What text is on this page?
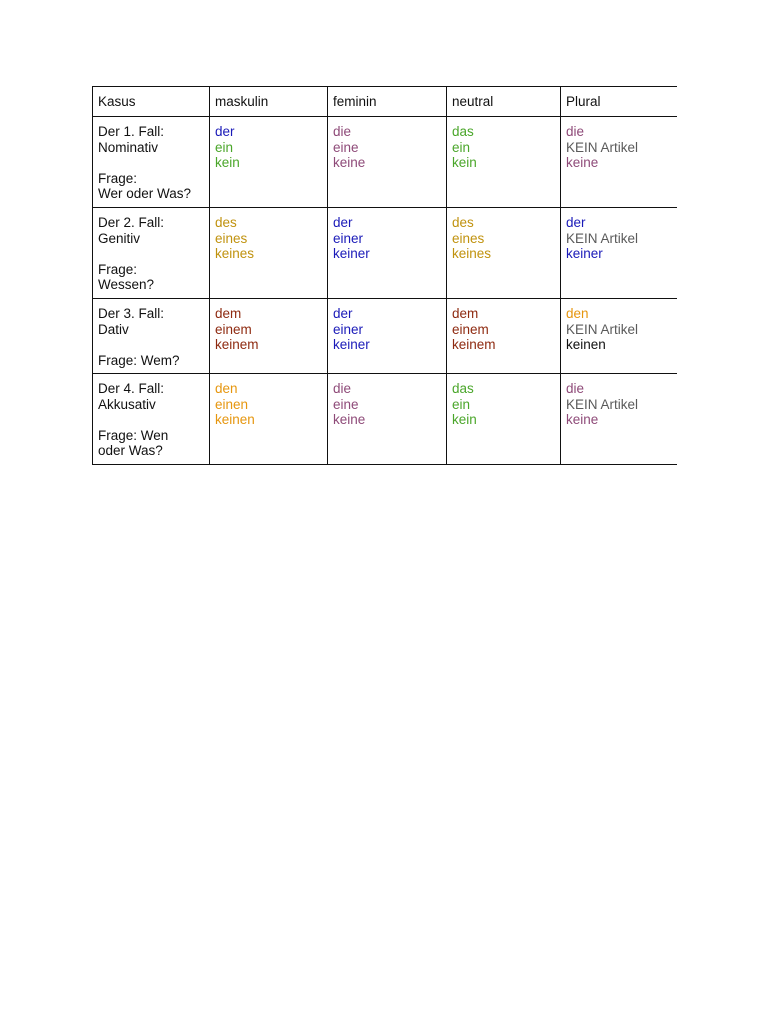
Kasus	maskulin	feminin	neutral	Plural

Der 1. Fall:
Nominativ
Frage:
Wer oder Was?	der
ein
kein	die
eine
keine	das
ein
kein	die
KEIN Artikel
keine

Der 2. Fall:
Genitiv
Frage:
Wessen?	des
eines
keines	der
einer
keiner	des
eines
keines	der
KEIN Artikel
keiner

Der 3. Fall:
Dativ
Frage: Wem?	dem
einem
keinem	der
einer
keiner	dem
einem
keinem	den
KEIN Artikel
keinen

Der 4. Fall:
Akkusativ
Frage: Wen
oder Was?	den
einen
keinen	die
eine
keine	das
ein
kein	die
KEIN Artikel
keine
